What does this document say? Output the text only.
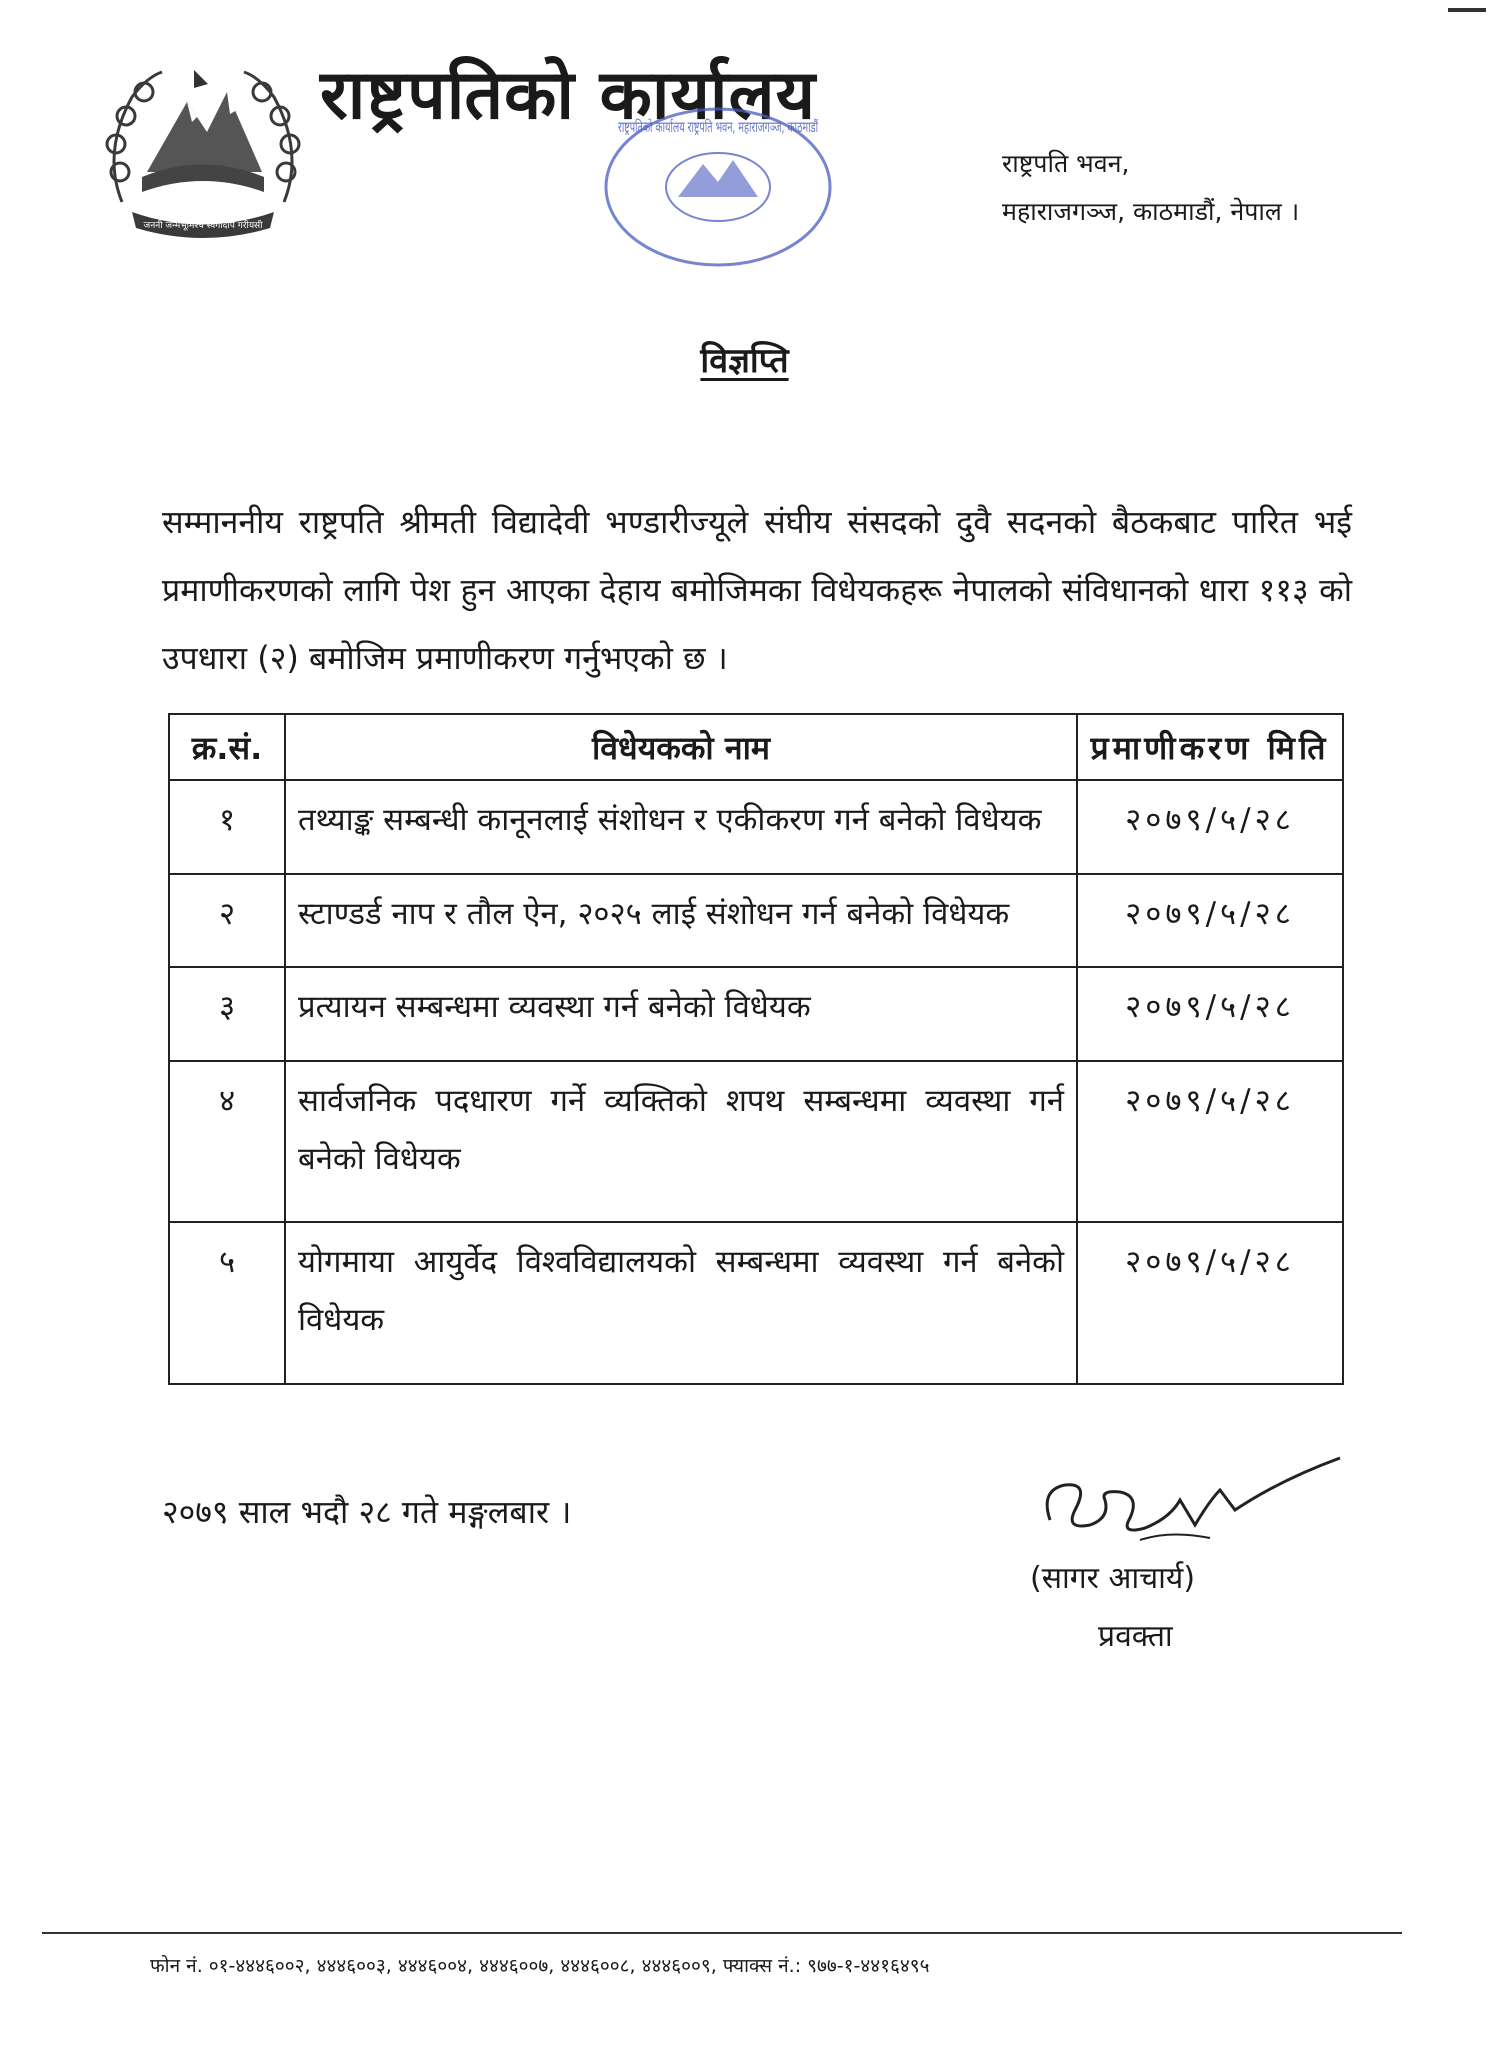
जननी जन्मभूमिश्च स्वर्गादपि गरीयसी
राष्ट्रपतिको कार्यालय
राष्ट्रपतिको कार्यालय राष्ट्रपति भवन, महाराजगञ्ज, काठमाडौं
राष्ट्रपति भवन,
महाराजगञ्ज, काठमाडौं, नेपाल ।
विज्ञप्ति
सम्माननीय राष्ट्रपति श्रीमती विद्यादेवी भण्डारीज्यूले संघीय संसदको दुवै सदनको बैठकबाट पारित भई प्रमाणीकरणको लागि पेश हुन आएका देहाय बमोजिमका विधेयकहरू नेपालको संविधानको धारा ११३ को उपधारा (२) बमोजिम प्रमाणीकरण गर्नुभएको छ ।
क्र.सं.	विधेयकको नाम	प्रमाणीकरण मिति
१	तथ्याङ्क सम्बन्धी कानूनलाई संशोधन र एकीकरण गर्न बनेको विधेयक	२०७९/५/२८
२	स्टाण्डर्ड नाप र तौल ऐन, २०२५ लाई संशोधन गर्न बनेको विधेयक	२०७९/५/२८
३	प्रत्यायन सम्बन्धमा व्यवस्था गर्न बनेको विधेयक	२०७९/५/२८
४	सार्वजनिक पदधारण गर्ने व्यक्तिको शपथ सम्बन्धमा व्यवस्था गर्न बनेको विधेयक	२०७९/५/२८
५	योगमाया आयुर्वेद विश्वविद्यालयको सम्बन्धमा व्यवस्था गर्न बनेको विधेयक	२०७९/५/२८
२०७९ साल भदौ २८ गते मङ्गलबार ।
(सागर आचार्य)
प्रवक्ता
फोन नं. ०१-४४४६००२, ४४४६००३, ४४४६००४, ४४४६००७, ४४४६००८, ४४४६००९, फ्याक्स नं.: ९७७-१-४४१६४९५
